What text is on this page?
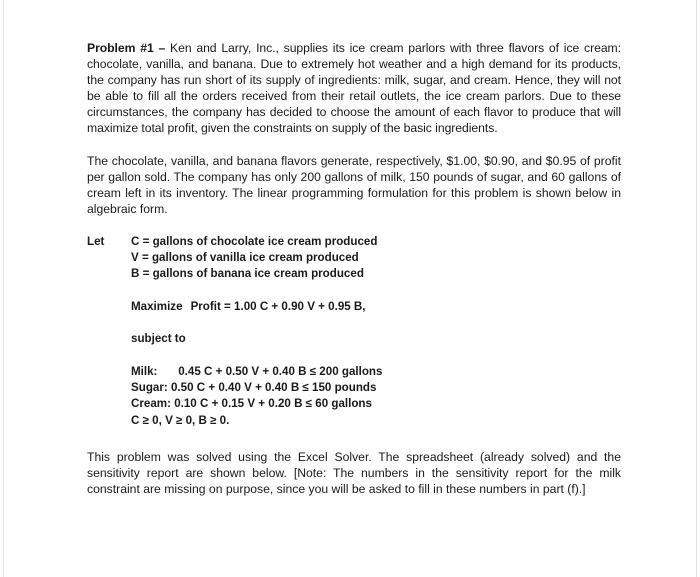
Problem #1 – Ken and Larry, Inc., supplies its ice cream parlors with three flavors of ice cream: chocolate, vanilla, and banana. Due to extremely hot weather and a high demand for its products, the company has run short of its supply of ingredients: milk, sugar, and cream. Hence, they will not be able to fill all the orders received from their retail outlets, the ice cream parlors. Due to these circumstances, the company has decided to choose the amount of each flavor to produce that will maximize total profit, given the constraints on supply of the basic ingredients.

The chocolate, vanilla, and banana flavors generate, respectively, $1.00, $0.90, and $0.95 of profit per gallon sold. The company has only 200 gallons of milk, 150 pounds of sugar, and 60 gallons of cream left in its inventory. The linear programming formulation for this problem is shown below in algebraic form.

Let	C = gallons of chocolate ice cream produced
V = gallons of vanilla ice cream produced
B = gallons of banana ice cream produced
Maximize Profit = 1.00 C + 0.90 V + 0.95 B,
subject to
Milk: 0.45 C + 0.50 V + 0.40 B ≤ 200 gallons
Sugar: 0.50 C + 0.40 V + 0.40 B ≤ 150 pounds
Cream: 0.10 C + 0.15 V + 0.20 B ≤ 60 gallons
C ≥ 0, V ≥ 0, B ≥ 0.

This problem was solved using the Excel Solver. The spreadsheet (already solved) and the sensitivity report are shown below. [Note: The numbers in the sensitivity report for the milk constraint are missing on purpose, since you will be asked to fill in these numbers in part (f).]
